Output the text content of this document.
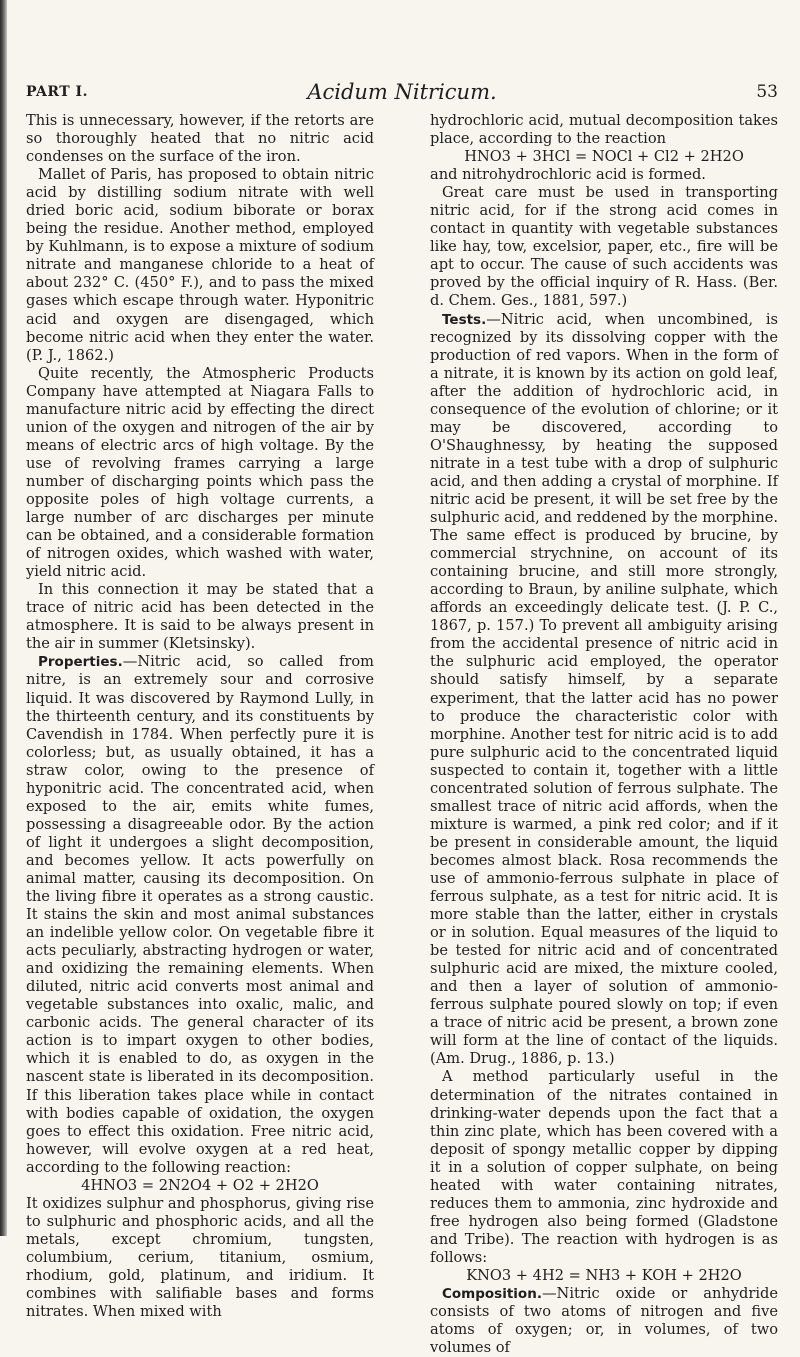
PART I.	Acidum Nitricum.	53

This is unnecessary, however, if the retorts are so thoroughly heated that no nitric acid condenses on the surface of the iron.

Mallet of Paris, has proposed to obtain nitric acid by distilling sodium nitrate with well dried boric acid, sodium biborate or borax being the residue. Another method, employed by Kuhlmann, is to expose a mixture of sodium nitrate and manganese chloride to a heat of about 232° C. (450° F.), and to pass the mixed gases which escape through water. Hyponitric acid and oxygen are disengaged, which become nitric acid when they enter the water. (P. J., 1862.)

Quite recently, the Atmospheric Products Company have attempted at Niagara Falls to manufacture nitric acid by effecting the direct union of the oxygen and nitrogen of the air by means of electric arcs of high voltage. By the use of revolving frames carrying a large number of discharging points which pass the opposite poles of high voltage currents, a large number of arc discharges per minute can be obtained, and a considerable formation of nitrogen oxides, which washed with water, yield nitric acid.

In this connection it may be stated that a trace of nitric acid has been detected in the atmosphere. It is said to be always present in the air in summer (Kletsinsky).

Properties.—Nitric acid, so called from nitre, is an extremely sour and corrosive liquid. It was discovered by Raymond Lully, in the thirteenth century, and its constituents by Cavendish in 1784. When perfectly pure it is colorless; but, as usually obtained, it has a straw color, owing to the presence of hyponitric acid. The concentrated acid, when exposed to the air, emits white fumes, possessing a disagreeable odor. By the action of light it undergoes a slight decomposition, and becomes yellow. It acts powerfully on animal matter, causing its decomposition. On the living fibre it operates as a strong caustic. It stains the skin and most animal substances an indelible yellow color. On vegetable fibre it acts peculiarly, abstracting hydrogen or water, and oxidizing the remaining elements. When diluted, nitric acid converts most animal and vegetable substances into oxalic, malic, and carbonic acids. The general character of its action is to impart oxygen to other bodies, which it is enabled to do, as oxygen in the nascent state is liberated in its decomposition. If this liberation takes place while in contact with bodies capable of oxidation, the oxygen goes to effect this oxidation. Free nitric acid, however, will evolve oxygen at a red heat, according to the following reaction:

4HNO3 = 2N2O4 + O2 + 2H2O

It oxidizes sulphur and phosphorus, giving rise to sulphuric and phosphoric acids, and all the metals, except chromium, tungsten, columbium, cerium, titanium, osmium, rhodium, gold, platinum, and iridium. It combines with salifiable bases and forms nitrates. When mixed with

hydrochloric acid, mutual decomposition takes place, according to the reaction

HNO3 + 3HCl = NOCl + Cl2 + 2H2O

and nitrohydrochloric acid is formed.

Great care must be used in transporting nitric acid, for if the strong acid comes in contact in quantity with vegetable substances like hay, tow, excelsior, paper, etc., fire will be apt to occur. The cause of such accidents was proved by the official inquiry of R. Hass. (Ber. d. Chem. Ges., 1881, 597.)

Tests.—Nitric acid, when uncombined, is recognized by its dissolving copper with the production of red vapors. When in the form of a nitrate, it is known by its action on gold leaf, after the addition of hydrochloric acid, in consequence of the evolution of chlorine; or it may be discovered, according to O'Shaughnessy, by heating the supposed nitrate in a test tube with a drop of sulphuric acid, and then adding a crystal of morphine. If nitric acid be present, it will be set free by the sulphuric acid, and reddened by the morphine. The same effect is produced by brucine, by commercial strychnine, on account of its containing brucine, and still more strongly, according to Braun, by aniline sulphate, which affords an exceedingly delicate test. (J. P. C., 1867, p. 157.) To prevent all ambiguity arising from the accidental presence of nitric acid in the sulphuric acid employed, the operator should satisfy himself, by a separate experiment, that the latter acid has no power to produce the characteristic color with morphine. Another test for nitric acid is to add pure sulphuric acid to the concentrated liquid suspected to contain it, together with a little concentrated solution of ferrous sulphate. The smallest trace of nitric acid affords, when the mixture is warmed, a pink red color; and if it be present in considerable amount, the liquid becomes almost black. Rosa recommends the use of ammonio-ferrous sulphate in place of ferrous sulphate, as a test for nitric acid. It is more stable than the latter, either in crystals or in solution. Equal measures of the liquid to be tested for nitric acid and of concentrated sulphuric acid are mixed, the mixture cooled, and then a layer of solution of ammonio-ferrous sulphate poured slowly on top; if even a trace of nitric acid be present, a brown zone will form at the line of contact of the liquids. (Am. Drug., 1886, p. 13.)

A method particularly useful in the determination of the nitrates contained in drinking-water depends upon the fact that a thin zinc plate, which has been covered with a deposit of spongy metallic copper by dipping it in a solution of copper sulphate, on being heated with water containing nitrates, reduces them to ammonia, zinc hydroxide and free hydrogen also being formed (Gladstone and Tribe). The reaction with hydrogen is as follows:

KNO3 + 4H2 = NH3 + KOH + 2H2O

Composition.—Nitric oxide or anhydride consists of two atoms of nitrogen and five atoms of oxygen; or, in volumes, of two volumes of
